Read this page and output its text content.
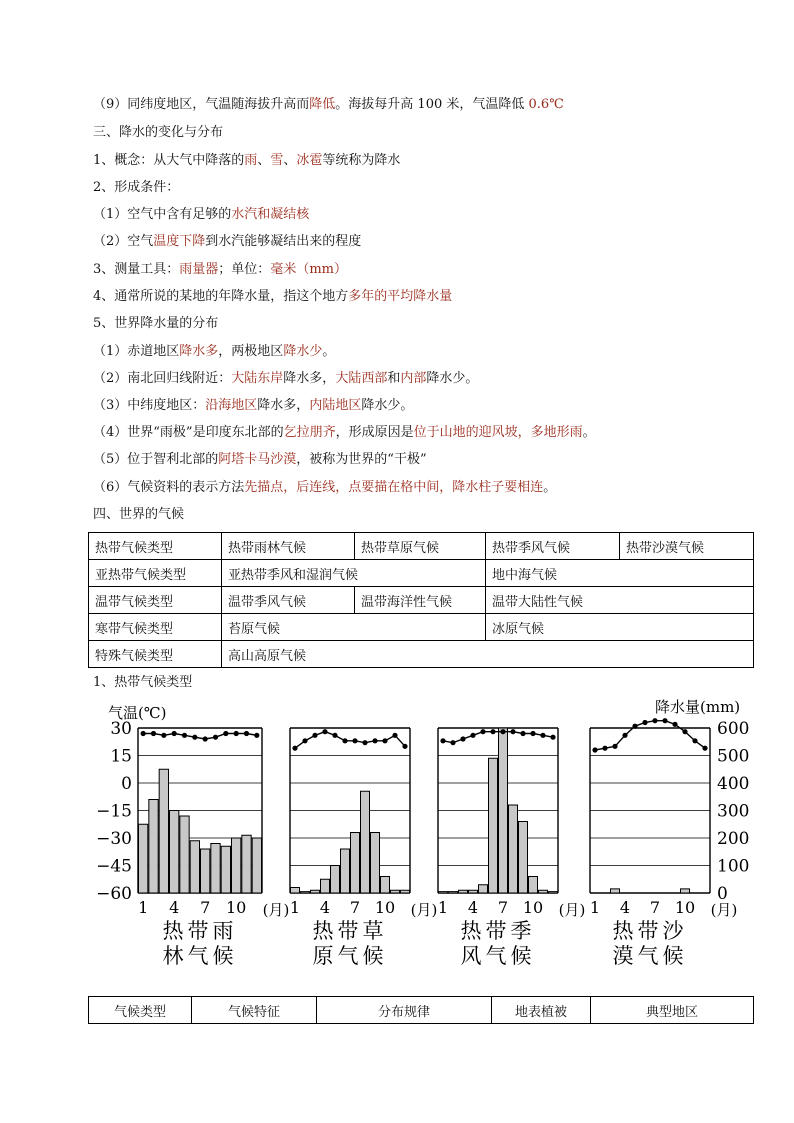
（9）同纬度地区，气温随海拔升高而降低。海拔每升高 100 米，气温降低 0.6℃
三、降水的变化与分布
1、概念：从大气中降落的雨、雪、冰雹等统称为降水
2、形成条件：
（1）空气中含有足够的水汽和凝结核
（2）空气温度下降到水汽能够凝结出来的程度
3、测量工具：雨量器；单位：毫米（mm）
4、通常所说的某地的年降水量，指这个地方多年的平均降水量
5、世界降水量的分布
（1）赤道地区降水多，两极地区降水少。
（2）南北回归线附近：大陆东岸降水多，大陆西部和内部降水少。
（3）中纬度地区：沿海地区降水多，内陆地区降水少。
（4）世界“雨极”是印度东北部的乞拉朋齐，形成原因是位于山地的迎风坡，多地形雨。
（5）位于智利北部的阿塔卡马沙漠，被称为世界的“干极”
（6）气候资料的表示方法先描点，后连线，点要描在格中间，降水柱子要相连。
四、世界的气候
1、热带气候类型
热带气候类型	热带雨林气候	热带草原气候	热带季风气候	热带沙漠气候
亚热带气候类型	亚热带季风和湿润气候		地中海气候	
温带气候类型	温带季风气候	温带海洋性气候	温带大陆性气候	
寒带气候类型	苔原气候		冰原气候	
特殊气候类型	高山高原气候			
气温(℃)	降水量(mm)
30
15
0
−15
−30
−45
−60
600
500
400
300
200
100
0
1 4 7 10 (月)
热带雨
林气候
1 4 7 10 (月)
热带草
原气候
1 4 7 10 (月)
热带季
风气候
1 4 7 10 (月)
热带沙
漠气候
气候类型	气候特征	分布规律	地表植被	典型地区
